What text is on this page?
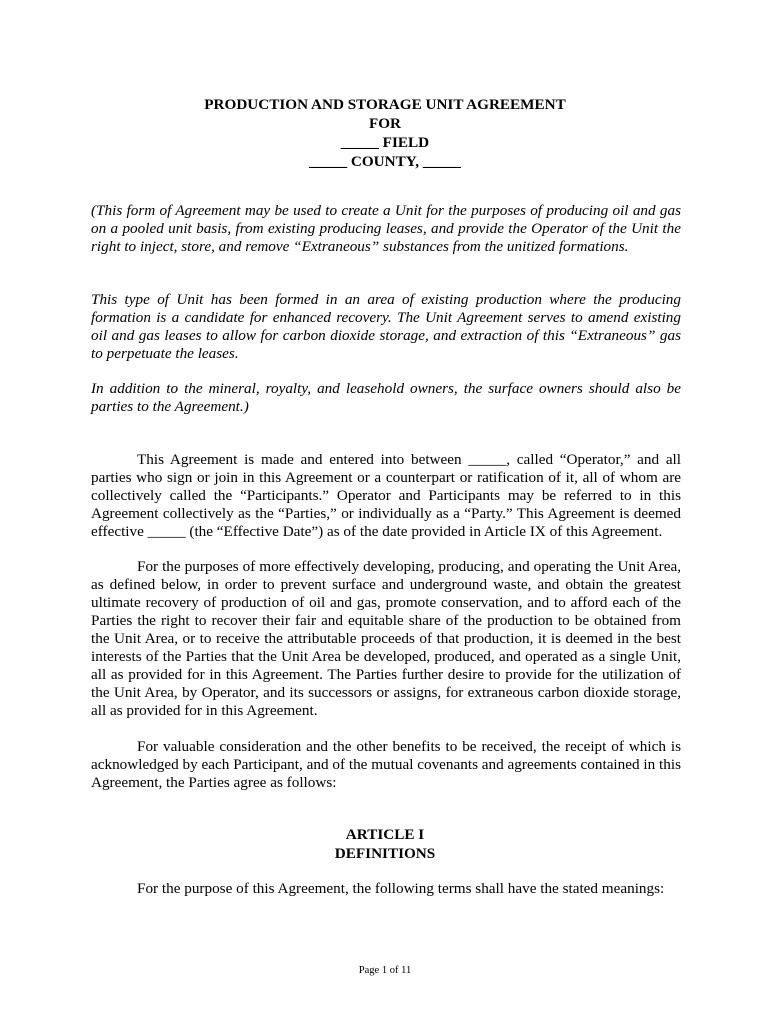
PRODUCTION AND STORAGE UNIT AGREEMENT
FOR
_____ FIELD
_____ COUNTY, _____

(This form of Agreement may be used to create a Unit for the purposes of producing oil and gas on a pooled unit basis, from existing producing leases, and provide the Operator of the Unit the right to inject, store, and remove “Extraneous” substances from the unitized formations.

This type of Unit has been formed in an area of existing production where the producing formation is a candidate for enhanced recovery. The Unit Agreement serves to amend existing oil and gas leases to allow for carbon dioxide storage, and extraction of this “Extraneous” gas to perpetuate the leases.

In addition to the mineral, royalty, and leasehold owners, the surface owners should also be parties to the Agreement.)

This Agreement is made and entered into between _____, called “Operator,” and all parties who sign or join in this Agreement or a counterpart or ratification of it, all of whom are collectively called the “Participants.” Operator and Participants may be referred to in this Agreement collectively as the “Parties,” or individually as a “Party.” This Agreement is deemed effective _____ (the “Effective Date”) as of the date provided in Article IX of this Agreement.

For the purposes of more effectively developing, producing, and operating the Unit Area, as defined below, in order to prevent surface and underground waste, and obtain the greatest ultimate recovery of production of oil and gas, promote conservation, and to afford each of the Parties the right to recover their fair and equitable share of the production to be obtained from the Unit Area, or to receive the attributable proceeds of that production, it is deemed in the best interests of the Parties that the Unit Area be developed, produced, and operated as a single Unit, all as provided for in this Agreement. The Parties further desire to provide for the utilization of the Unit Area, by Operator, and its successors or assigns, for extraneous carbon dioxide storage, all as provided for in this Agreement.

For valuable consideration and the other benefits to be received, the receipt of which is acknowledged by each Participant, and of the mutual covenants and agreements contained in this Agreement, the Parties agree as follows:

ARTICLE I
DEFINITIONS

For the purpose of this Agreement, the following terms shall have the stated meanings:

Page 1 of 11
